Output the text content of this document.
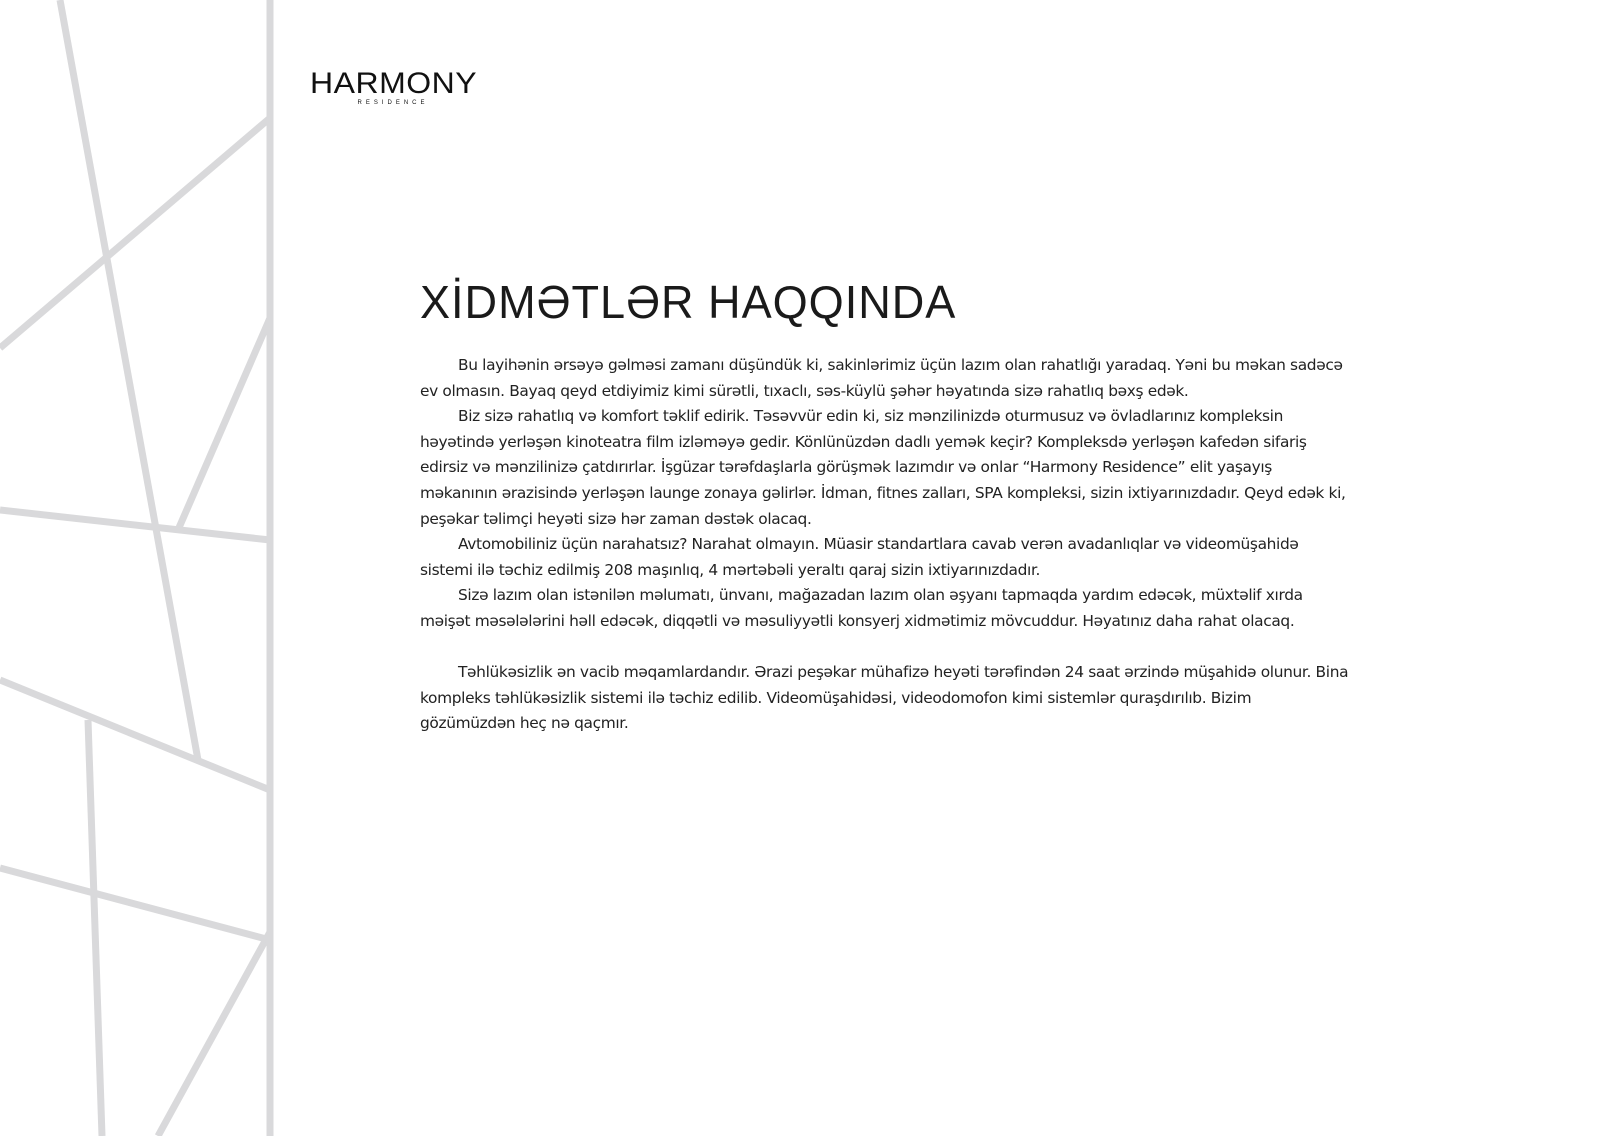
HARMONY
RESIDENCE
XİDMƏTLƏR HAQQINDA

Bu layihənin ərsəyə gəlməsi zamanı düşündük ki, sakinlərimiz üçün lazım olan rahatlığı yaradaq. Yəni bu məkan sadəcə ev olmasın. Bayaq qeyd etdiyimiz kimi sürətli, tıxaclı, səs-küylü şəhər həyatında sizə rahatlıq bəxş edək.

Biz sizə rahatlıq və komfort təklif edirik. Təsəvvür edin ki, siz mənzilinizdə oturmusuz və övladlarınız kompleksin həyətində yerləşən kinoteatra film izləməyə gedir. Könlünüzdən dadlı yemək keçir? Kompleksdə yerləşən kafedən sifariş edirsiz və mənzilinizə çatdırırlar. İşgüzar tərəfdaşlarla görüşmək lazımdır və onlar “Harmony Residence” elit yaşayış məkanının ərazisində yerləşən launge zonaya gəlirlər. İdman, fitnes zalları, SPA kompleksi, sizin ixtiyarınızdadır. Qeyd edək ki, peşəkar təlimçi heyəti sizə hər zaman dəstək olacaq.

Avtomobiliniz üçün narahatsız? Narahat olmayın. Müasir standartlara cavab verən avadanlıqlar və videomüşahidə sistemi ilə təchiz edilmiş 208 maşınlıq, 4 mərtəbəli yeraltı qaraj sizin ixtiyarınızdadır.

Sizə lazım olan istənilən məlumatı, ünvanı, mağazadan lazım olan əşyanı tapmaqda yardım edəcək, müxtəlif xırda məişət məsələlərini həll edəcək, diqqətli və məsuliyyətli konsyerj xidmətimiz mövcuddur. Həyatınız daha rahat olacaq.

Təhlükəsizlik ən vacib məqamlardandır. Ərazi peşəkar mühafizə heyəti tərəfindən 24 saat ərzində müşahidə olunur. Bina kompleks təhlükəsizlik sistemi ilə təchiz edilib. Videomüşahidəsi, videodomofon kimi sistemlər quraşdırılıb. Bizim gözümüzdən heç nə qaçmır.
